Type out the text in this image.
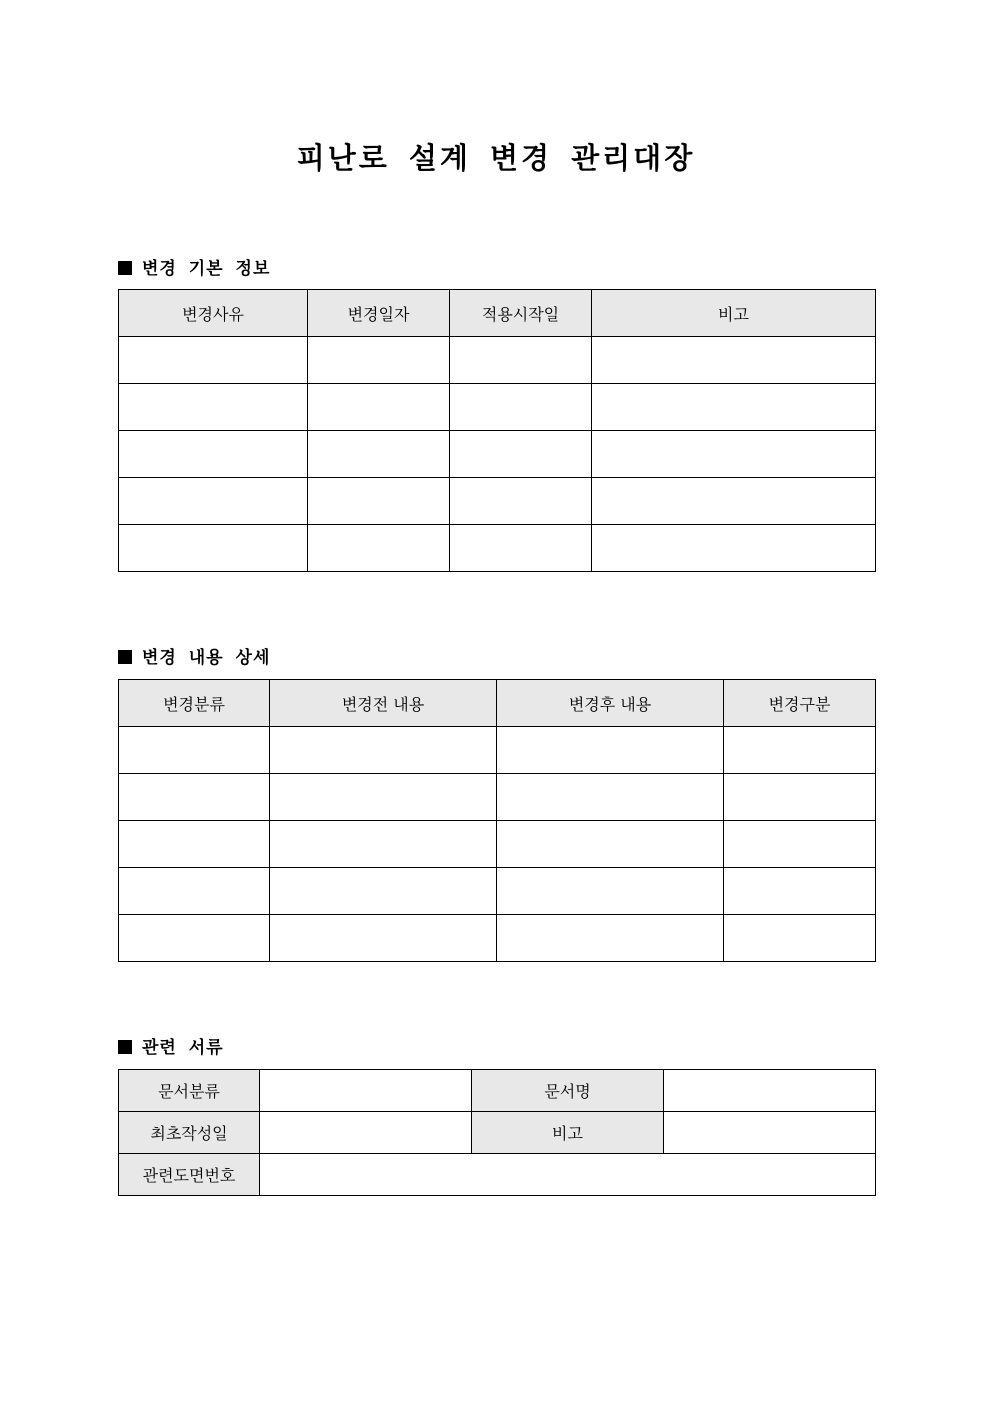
피난로 설계 변경 관리대장
변경 기본 정보
변경사유	변경일자	적용시작일	비고

변경 내용 상세
변경분류	변경전 내용	변경후 내용	변경구분

관련 서류
문서분류		문서명	
최초작성일		비고	
관련도면번호			
